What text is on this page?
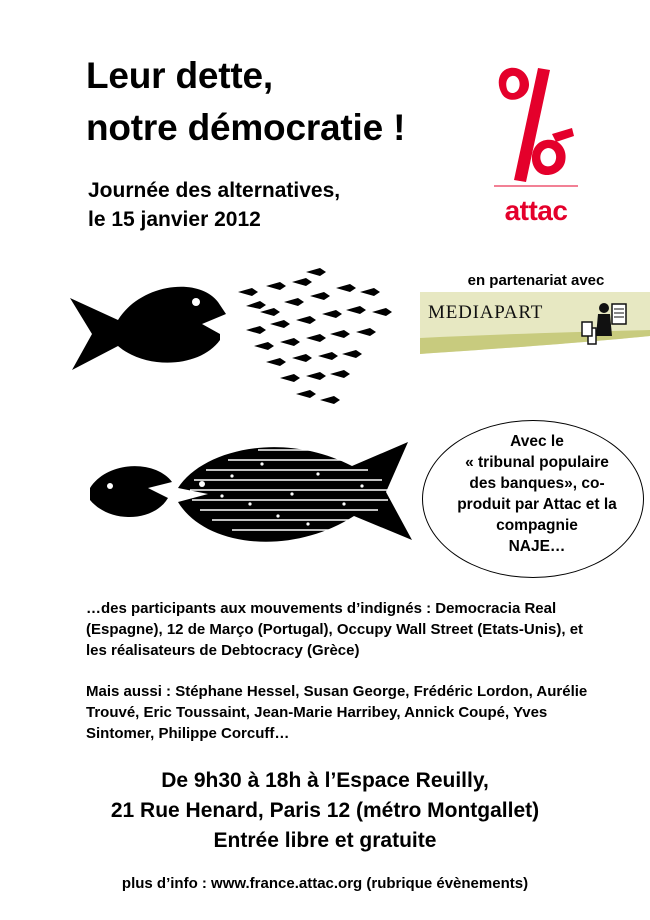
Leur dette,
notre démocratie !
Journée des alternatives,
le 15 janvier 2012	attac
en partenariat avec
MEDIAPART
Avec le
« tribunal populaire
des banques», co-
produit par Attac et la
compagnie
NAJE…
…des participants aux mouvements d’indignés : Democracia Real (Espagne), 12 de Março (Portugal), Occupy Wall Street (Etats-Unis), et les réalisateurs de Debtocracy (Grèce)
Mais aussi : Stéphane Hessel, Susan George, Frédéric Lordon, Aurélie Trouvé, Eric Toussaint, Jean-Marie Harribey, Annick Coupé, Yves Sintomer, Philippe Corcuff…
De 9h30 à 18h à l’Espace Reuilly,
21 Rue Henard, Paris 12 (métro Montgallet)
Entrée libre et gratuite
plus d’info : www.france.attac.org (rubrique évènements)
